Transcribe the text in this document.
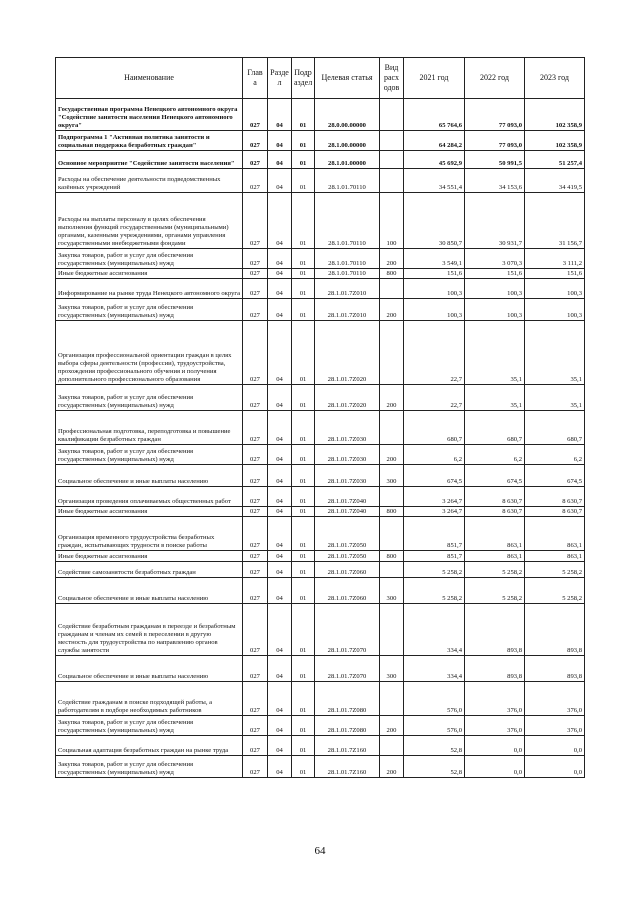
Наименование	Глав а	Разде л	Подр аздел	Целевая статья	Вид расх одов	2021 год	2022 год	2023 год
Государственная программа Ненецкого автономного округа "Содействие занятости населения Ненецкого автономного округа"	027	04	01	28.0.00.00000		65 764,6	77 093,0	102 358,9
Подпрограмма 1 "Активная политика занятости и социальная поддержка безработных граждан"	027	04	01	28.1.00.00000		64 284,2	77 093,0	102 358,9
Основное мероприятие "Содействие занятости населения"	027	04	01	28.1.01.00000		45 692,9	50 991,5	51 257,4
Расходы на обеспечение деятельности подведомственных казённых учреждений	027	04	01	28.1.01.70110		34 551,4	34 153,6	34 419,5
Расходы на выплаты персоналу в целях обеспечения выполнения функций государственными (муниципальными) органами, казенными учреждениями, органами управления государственными внебюджетными фондами	027	04	01	28.1.01.70110	100	30 850,7	30 931,7	31 156,7
Закупка товаров, работ и услуг для обеспечения государственных (муниципальных) нужд	027	04	01	28.1.01.70110	200	3 549,1	3 070,3	3 111,2
Иные бюджетные ассигнования	027	04	01	28.1.01.70110	800	151,6	151,6	151,6
Информирование на рынке труда Ненецкого автономного округа	027	04	01	28.1.01.7Z010		100,3	100,3	100,3
Закупка товаров, работ и услуг для обеспечения государственных (муниципальных) нужд	027	04	01	28.1.01.7Z010	200	100,3	100,3	100,3
Организация профессиональной ориентации граждан в целях выбора сферы деятельности (профессии), трудоустройства, прохождения профессионального обучения и получения дополнительного профессионального образования	027	04	01	28.1.01.7Z020		22,7	35,1	35,1
Закупка товаров, работ и услуг для обеспечения государственных (муниципальных) нужд	027	04	01	28.1.01.7Z020	200	22,7	35,1	35,1
Профессиональная подготовка, переподготовка и повышение квалификации безработных граждан	027	04	01	28.1.01.7Z030		680,7	680,7	680,7
Закупка товаров, работ и услуг для обеспечения государственных (муниципальных) нужд	027	04	01	28.1.01.7Z030	200	6,2	6,2	6,2
Социальное обеспечение и иные выплаты населению	027	04	01	28.1.01.7Z030	300	674,5	674,5	674,5
Организация проведения оплачиваемых общественных работ	027	04	01	28.1.01.7Z040		3 264,7	8 630,7	8 630,7
Иные бюджетные ассигнования	027	04	01	28.1.01.7Z040	800	3 264,7	8 630,7	8 630,7
Организация временного трудоустройства безработных граждан, испытывающих трудности в поиске работы	027	04	01	28.1.01.7Z050		851,7	863,1	863,1
Иные бюджетные ассигнования	027	04	01	28.1.01.7Z050	800	851,7	863,1	863,1
Содействие самозанятости безработных граждан	027	04	01	28.1.01.7Z060		5 258,2	5 258,2	5 258,2
Социальное обеспечение и иные выплаты населению	027	04	01	28.1.01.7Z060	300	5 258,2	5 258,2	5 258,2
Содействие безработным гражданам в переезде и безработным гражданам и членам их семей в переселении в другую местность для трудоустройства по направлению органов службы занятости	027	04	01	28.1.01.7Z070		334,4	893,8	893,8
Социальное обеспечение и иные выплаты населению	027	04	01	28.1.01.7Z070	300	334,4	893,8	893,8
Содействие гражданам в поиске подходящей работы, а работодателям в подборе необходимых работников	027	04	01	28.1.01.7Z080		576,0	376,0	376,0
Закупка товаров, работ и услуг для обеспечения государственных (муниципальных) нужд	027	04	01	28.1.01.7Z080	200	576,0	376,0	376,0
Социальная адаптация безработных граждан на рынке труда	027	04	01	28.1.01.7Z160		52,8	0,0	0,0
Закупка товаров, работ и услуг для обеспечения государственных (муниципальных) нужд	027	04	01	28.1.01.7Z160	200	52,8	0,0	0,0
64
